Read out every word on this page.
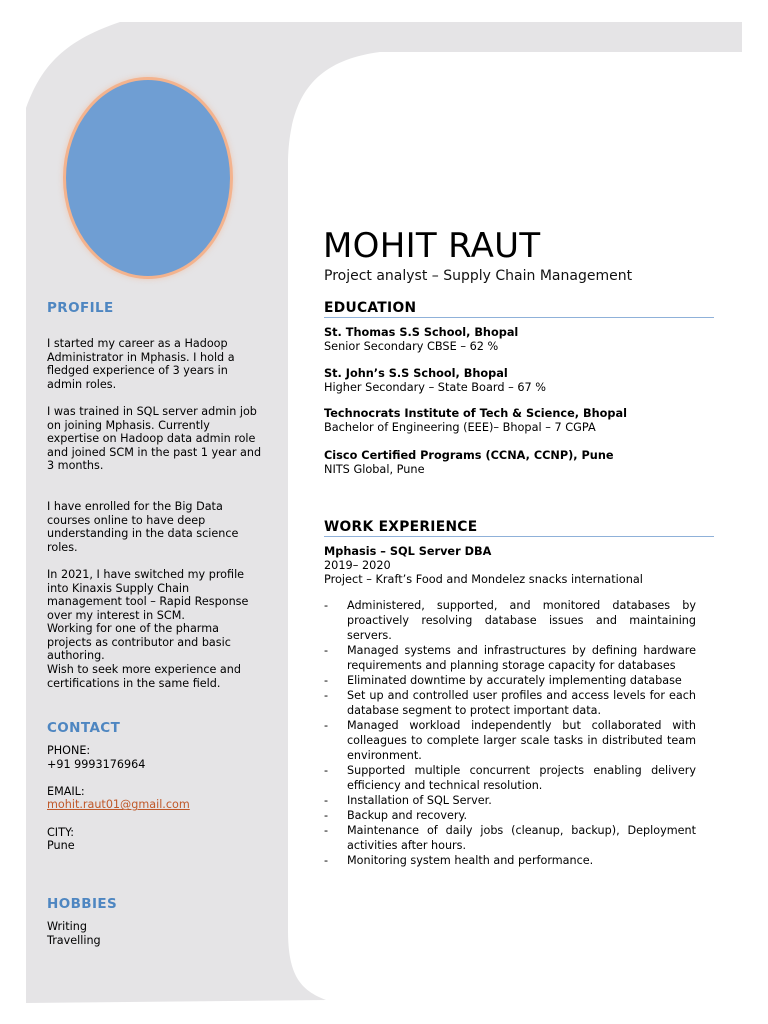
PROFILE

I started my career as a Hadoop

Administrator in Mphasis. I hold a

fledged experience of 3 years in

admin roles.

I was trained in SQL server admin job

on joining Mphasis. Currently

expertise on Hadoop data admin role

and joined SCM in the past 1 year and

3 months.

I have enrolled for the Big Data

courses online to have deep

understanding in the data science

roles.

In 2021, I have switched my profile

into Kinaxis Supply Chain

management tool – Rapid Response

over my interest in SCM.

Working for one of the pharma

projects as contributor and basic

authoring.

Wish to seek more experience and

certifications in the same field.

CONTACT

PHONE:

+91 9993176964

EMAIL:

mohit.raut01@gmail.com

CITY:

Pune

HOBBIES

Writing

Travelling

MOHIT RAUT
Project analyst – Supply Chain Management
EDUCATION
St. Thomas S.S School, Bhopal
Senior Secondary CBSE – 62 %
St. John’s S.S School, Bhopal
Higher Secondary – State Board – 67 %
Technocrats Institute of Tech & Science, Bhopal
Bachelor of Engineering (EEE)– Bhopal – 7 CGPA
Cisco Certified Programs (CCNA, CCNP), Pune
NITS Global, Pune
WORK EXPERIENCE
Mphasis – SQL Server DBA
2019– 2020
Project – Kraft’s Food and Mondelez snacks international
- Administered, supported, and monitored databases by proactively resolving database issues and maintaining servers.
- Managed systems and infrastructures by defining hardware requirements and planning storage capacity for databases
- Eliminated downtime by accurately implementing database
- Set up and controlled user profiles and access levels for each database segment to protect important data.
- Managed workload independently but collaborated with colleagues to complete larger scale tasks in distributed team environment.
- Supported multiple concurrent projects enabling delivery efficiency and technical resolution.
- Installation of SQL Server.
- Backup and recovery.
- Maintenance of daily jobs (cleanup, backup), Deployment activities after hours.
- Monitoring system health and performance.
